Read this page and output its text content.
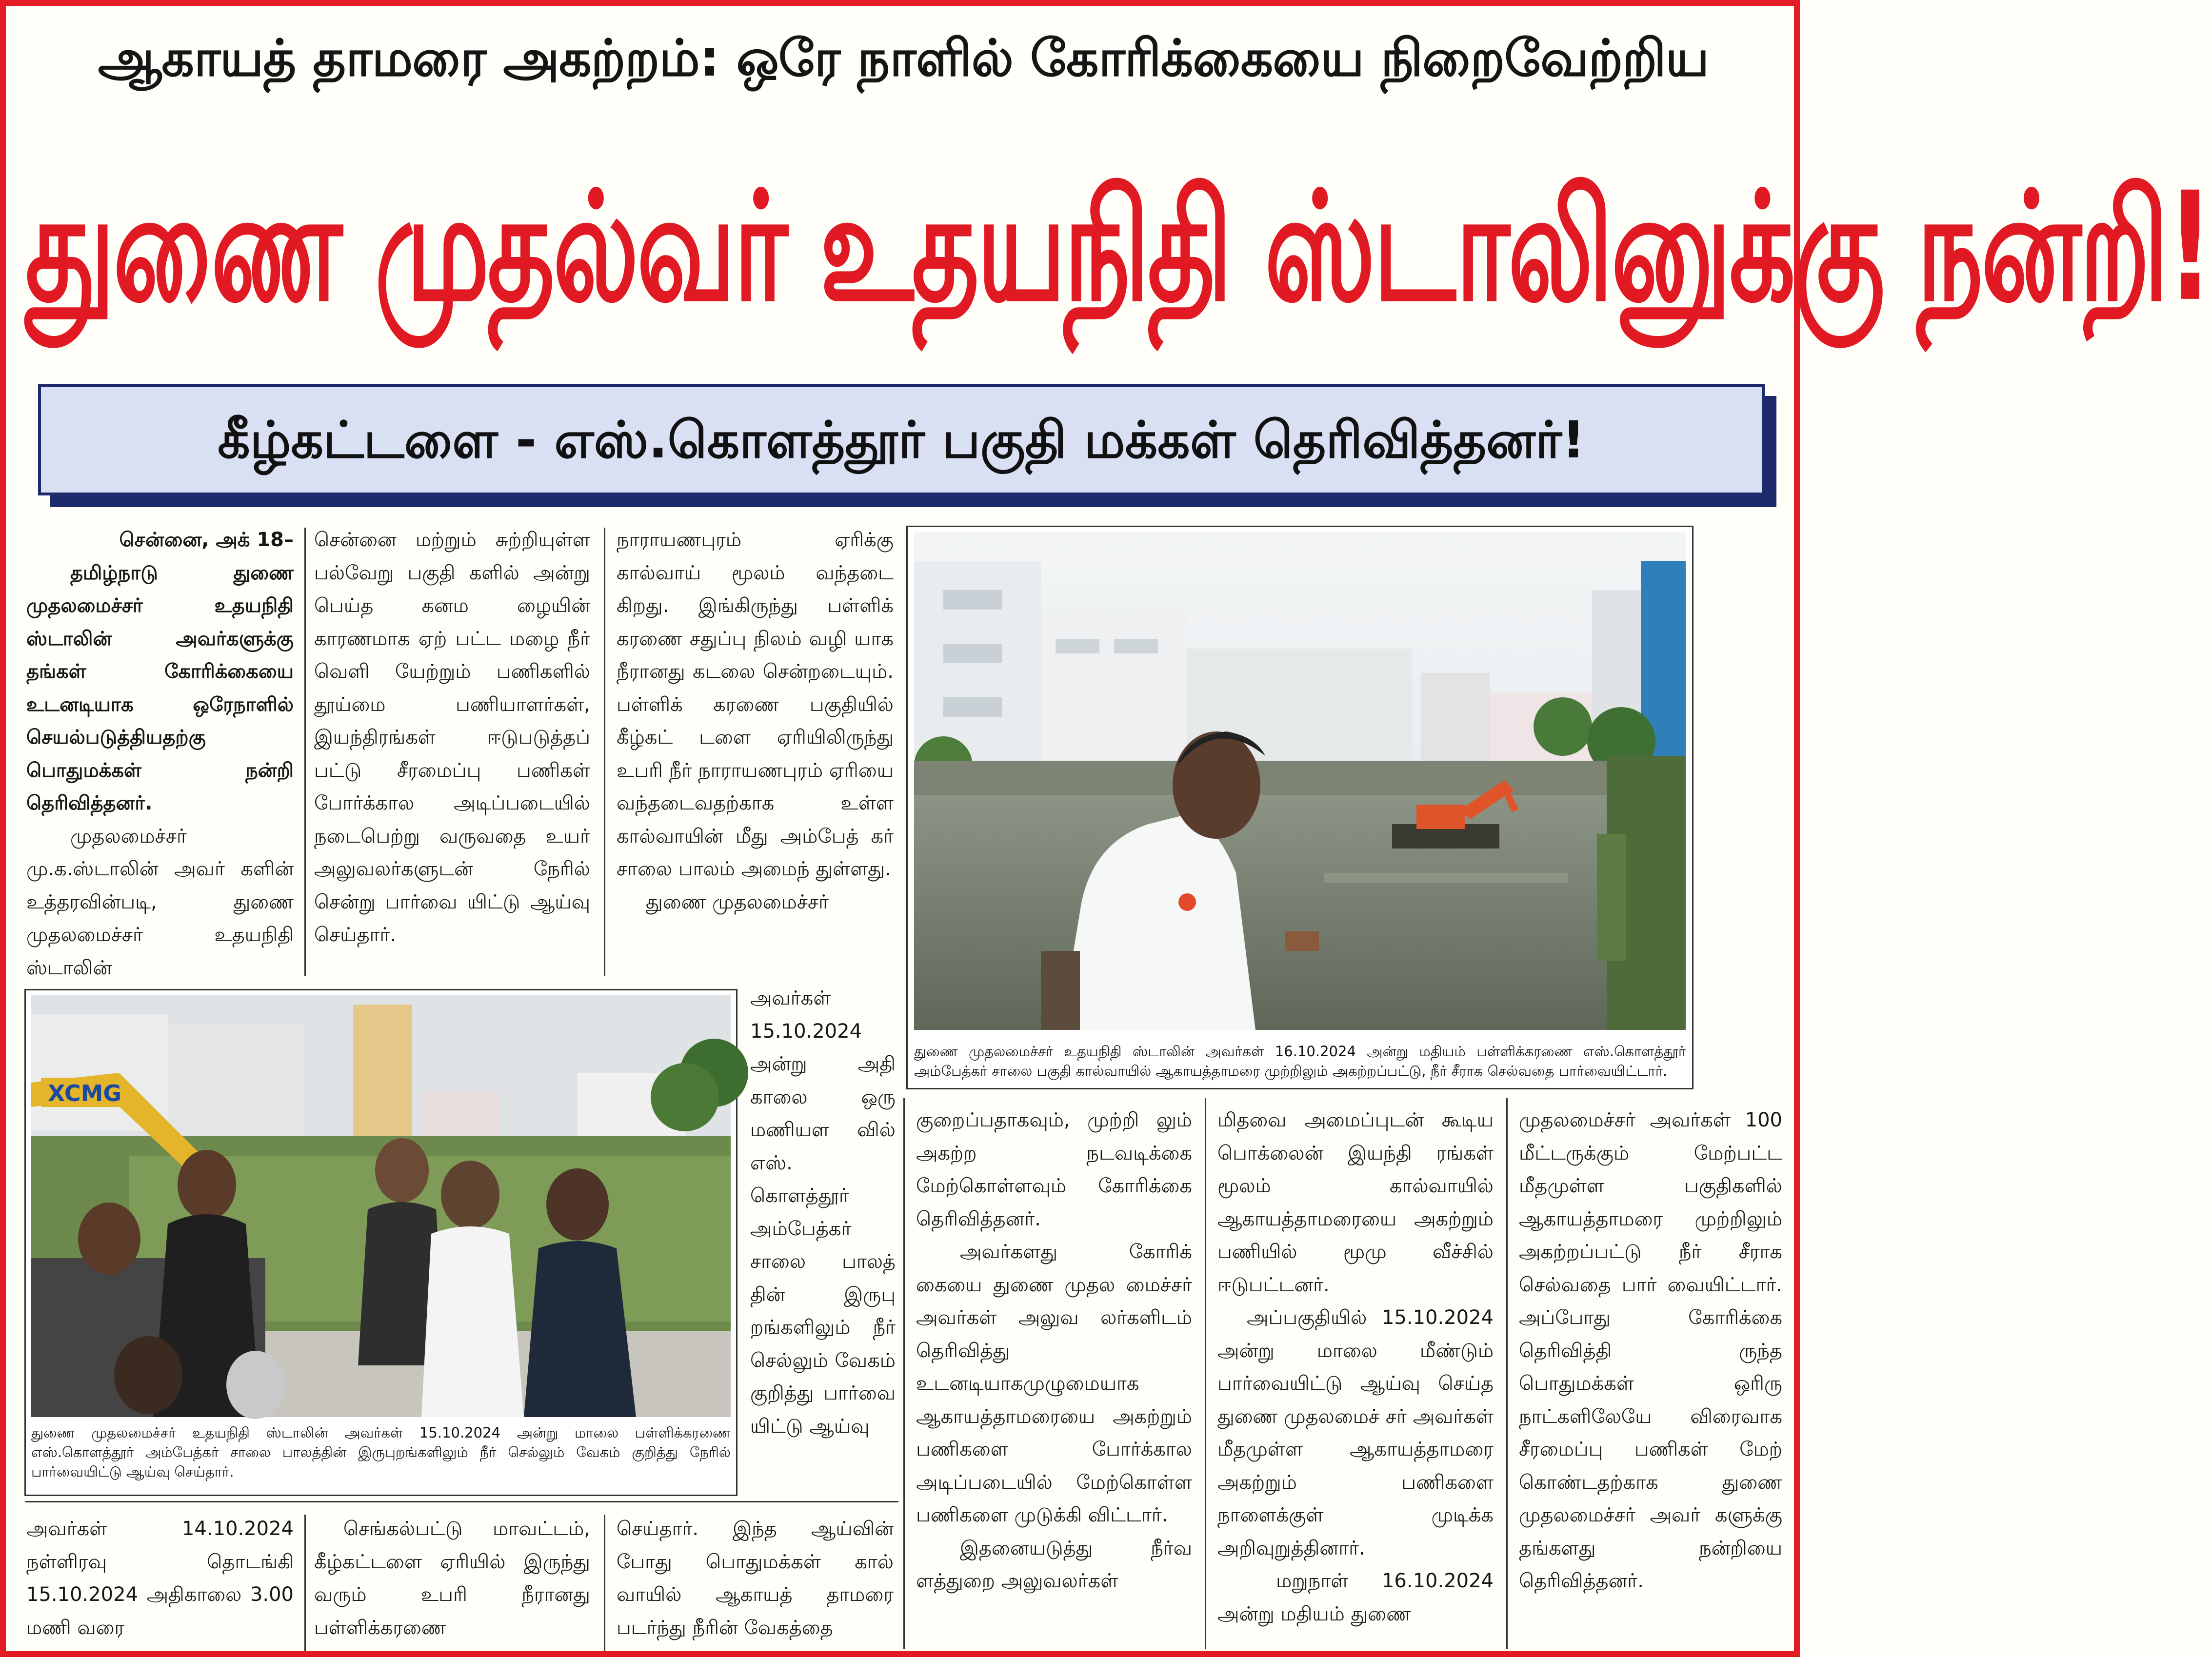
ஆகாயத் தாமரை அகற்றம்: ஒரே நாளில் கோரிக்கையை நிறைவேற்றிய
துணை முதல்வர் உதயநிதி ஸ்டாலினுக்கு நன்றி!
கீழ்கட்டளை - எஸ்.கொளத்தூர் பகுதி மக்கள் தெரிவித்தனர்!

சென்னை, அக் 18–

தமிழ்நாடு துணை முதலமைச்சர் உதயநிதி ஸ்டாலின் அவர்களுக்கு தங்கள் கோரிக்கையை உடனடியாக ஒரேநாளில் செயல்படுத்தியதற்கு பொதுமக்கள் நன்றி தெரிவித்தனர்.

முதலமைச்சர் மு.க.ஸ்டாலின் அவர் களின் உத்தரவின்படி, துணை முதலமைச்சர் உதயநிதி ஸ்டாலின்

சென்னை மற்றும் சுற்றியுள்ள பல்வேறு பகுதி களில் அன்று பெய்த கனம ழையின் காரணமாக ஏற் பட்ட மழை நீர் வெளி யேற்றும் பணிகளில் தூய்மை பணியாளர்கள், இயந்திரங்கள் ஈடுபடுத்தப் பட்டு சீரமைப்பு பணிகள் போர்க்கால அடிப்படையில் நடைபெற்று வருவதை உயர் அலுவலர்களுடன் நேரில் சென்று பார்வை யிட்டு ஆய்வு செய்தார்.

நாராயணபுரம் ஏரிக்கு கால்வாய் மூலம் வந்தடை கிறது. இங்கிருந்து பள்ளிக் கரணை சதுப்பு நிலம் வழி யாக நீரானது கடலை சென்றடையும். பள்ளிக் கரணை பகுதியில் கீழ்கட் டளை ஏரியிலிருந்து உபரி நீர் நாராயணபுரம் ஏரியை வந்தடைவதற்காக உள்ள கால்வாயின் மீது அம்பேத் கர் சாலை பாலம் அமைந் துள்ளது.

துணை முதலமைச்சர்

அவர்கள் 15.10.2024 அன்று அதி காலை ஒரு மணியள வில் எஸ். கொளத்தூர் அம்பேத்கர் சாலை பாலத் தின் இருபு றங்களிலும் நீர் செல்லும் வேகம் குறித்து பார்வை யிட்டு ஆய்வு

துணை முதலமைச்சர் உதயநிதி ஸ்டாலின் அவர்கள் 16.10.2024 அன்று மதியம் பள்ளிக்கரணை எஸ்.கொளத்தூர் அம்பேத்கர் சாலை பகுதி கால்வாயில் ஆகாயத்தாமரை முற்றிலும் அகற்றப்பட்டு, நீர் சீராக செல்வதை பார்வையிட்டார்.
XCMG
துணை முதலமைச்சர் உதயநிதி ஸ்டாலின் அவர்கள் 15.10.2024 அன்று மாலை பள்ளிக்கரணை எஸ்.கொளத்தூர் அம்பேத்கர் சாலை பாலத்தின் இருபுறங்களிலும் நீர் செல்லும் வேகம் குறித்து நேரில் பார்வையிட்டு ஆய்வு செய்தார்.

அவர்கள் 14.10.2024 நள்ளிரவு தொடங்கி 15.10.2024 அதிகாலை 3.00 மணி வரை

செங்கல்பட்டு மாவட்டம், கீழ்கட்டளை ஏரியில் இருந்து வரும் உபரி நீரானது பள்ளிக்கரணை

செய்தார். இந்த ஆய்வின் போது பொதுமக்கள் கால் வாயில் ஆகாயத் தாமரை படர்ந்து நீரின் வேகத்தை

குறைப்பதாகவும், முற்றி லும் அகற்ற நடவடிக்கை மேற்கொள்ளவும் கோரிக்கை தெரிவித்தனர்.

அவர்களது கோரிக் கையை துணை முதல மைச்சர் அவர்கள் அலுவ லர்களிடம் தெரிவித்து உடனடியாகமுழுமையாக ஆகாயத்தாமரையை அகற்றும் பணிகளை போர்க்கால அடிப்படையில் மேற்கொள்ள பணிகளை முடுக்கி விட்டார்.

இதனையடுத்து நீர்வ ளத்துறை அலுவலர்கள்

மிதவை அமைப்புடன் கூடிய பொக்லைன் இயந்தி ரங்கள் மூலம் கால்வாயில் ஆகாயத்தாமரையை அகற்றும் பணியில் மூமு வீச்சில் ஈடுபட்டனர்.

அப்பகுதியில் 15.10.2024 அன்று மாலை மீண்டும் பார்வையிட்டு ஆய்வு செய்த துணை முதலமைச் சர் அவர்கள் மீதமுள்ள ஆகாயத்தாமரை அகற்றும் பணிகளை நாளைக்குள் முடிக்க அறிவுறுத்தினார்.

மறுநாள் 16.10.2024 அன்று மதியம் துணை

முதலமைச்சர் அவர்கள் 100 மீட்டருக்கும் மேற்பட்ட மீதமுள்ள பகுதிகளில் ஆகாயத்தாமரை முற்றிலும் அகற்றப்பட்டு நீர் சீராக செல்வதை பார் வையிட்டார். அப்போது கோரிக்கை தெரிவித்தி ருந்த பொதுமக்கள் ஒரிரு நாட்களிலேயே விரைவாக சீரமைப்பு பணிகள் மேற் கொண்டதற்காக துணை முதலமைச்சர் அவர் களுக்கு தங்களது நன்றியை தெரிவித்தனர்.
